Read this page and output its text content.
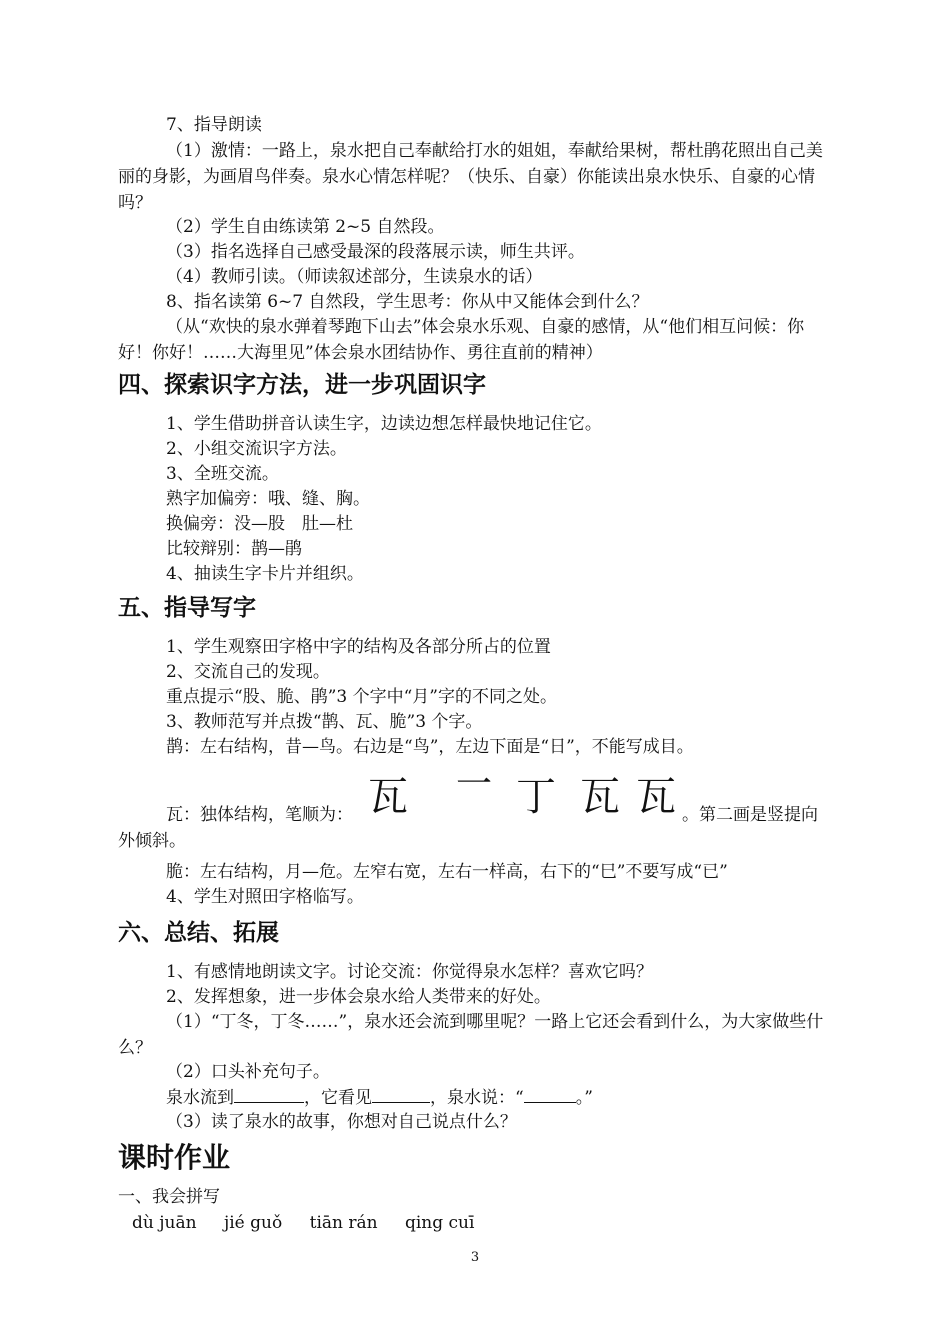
7、指导朗读
（1）激情：一路上，泉水把自己奉献给打水的姐姐，奉献给果树，帮杜鹃花照出自己美丽的身影，为画眉鸟伴奏。泉水心情怎样呢？（快乐、自豪）你能读出泉水快乐、自豪的心情吗？
（2）学生自由练读第 2~5 自然段。
（3）指名选择自己感受最深的段落展示读，师生共评。
（4）教师引读。（师读叙述部分，生读泉水的话）
8、指名读第 6~7 自然段，学生思考：你从中又能体会到什么？
（从“欢快的泉水弹着琴跑下山去”体会泉水乐观、自豪的感情，从“他们相互问候：你好！你好！……大海里见”体会泉水团结协作、勇往直前的精神）
四、探索识字方法，进一步巩固识字
1、学生借助拼音认读生字，边读边想怎样最快地记住它。
2、小组交流识字方法。
3、全班交流。
熟字加偏旁：哦、缝、胸。
换偏旁：没—股　肚—杜
比较辩别：鹊—鹃
4、抽读生字卡片并组织。
五、指导写字
1、学生观察田字格中字的结构及各部分所占的位置
2、交流自己的发现。
重点提示“股、脆、鹃”3 个字中“月”字的不同之处。
3、教师范写并点拨“鹊、瓦、脆”3 个字。
鹊：左右结构，昔—鸟。右边是“鸟”，左边下面是“日”，不能写成目。
瓦：独体结构，笔顺为： 瓦 一 丁 瓦 瓦 。第二画是竖提向
外倾斜。
脆：左右结构，月—危。左窄右宽，左右一样高，右下的“巳”不要写成“已”
4、学生对照田字格临写。
六、总结、拓展
1、有感情地朗读文字。讨论交流：你觉得泉水怎样？喜欢它吗？
2、发挥想象，进一步体会泉水给人类带来的好处。
（1）“丁冬，丁冬……”，泉水还会流到哪里呢？一路上它还会看到什么，为大家做些什么？
（2）口头补充句子。
泉水流到	，它看见	，泉水说：“	。”
（3）读了泉水的故事，你想对自己说点什么？
课时作业
一、我会拼写
dù juān jié guǒ tiān rán qing cuī
3
